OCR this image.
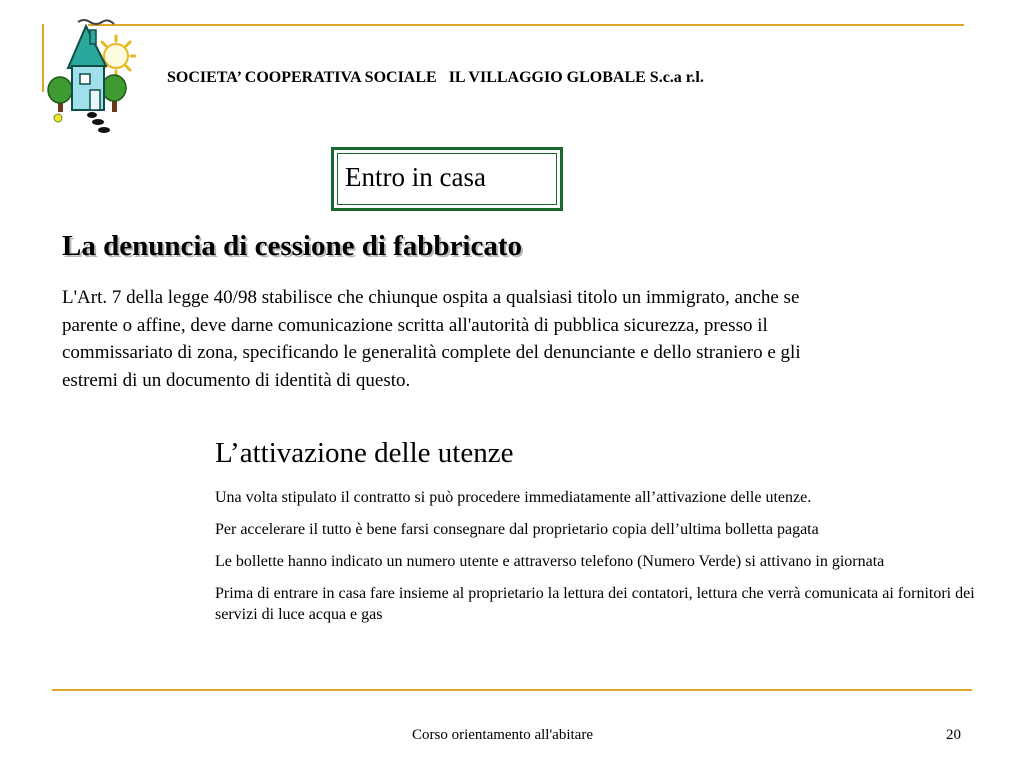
SOCIETA’ COOPERATIVA SOCIALE   IL VILLAGGIO GLOBALE S.c.a r.l.
Entro in casa
La denuncia di cessione di fabbricato
L'Art. 7 della legge 40/98 stabilisce che chiunque ospita a qualsiasi titolo un immigrato, anche se parente o affine, deve darne comunicazione scritta all'autorità di pubblica sicurezza, presso il commissariato di zona, specificando le generalità complete del denunciante e dello straniero e gli estremi di un documento di identità di questo.
L’attivazione delle utenze
Una volta stipulato il contratto si può procedere immediatamente all’attivazione delle utenze.
Per accelerare il tutto è bene farsi consegnare dal proprietario copia dell’ultima bolletta pagata
Le bollette hanno indicato un numero utente e attraverso telefono (Numero Verde) si attivano in giornata
Prima di entrare in casa fare insieme al proprietario la lettura dei contatori, lettura che verrà comunicata ai fornitori dei servizi di luce acqua e gas
Corso orientamento all'abitare	20
